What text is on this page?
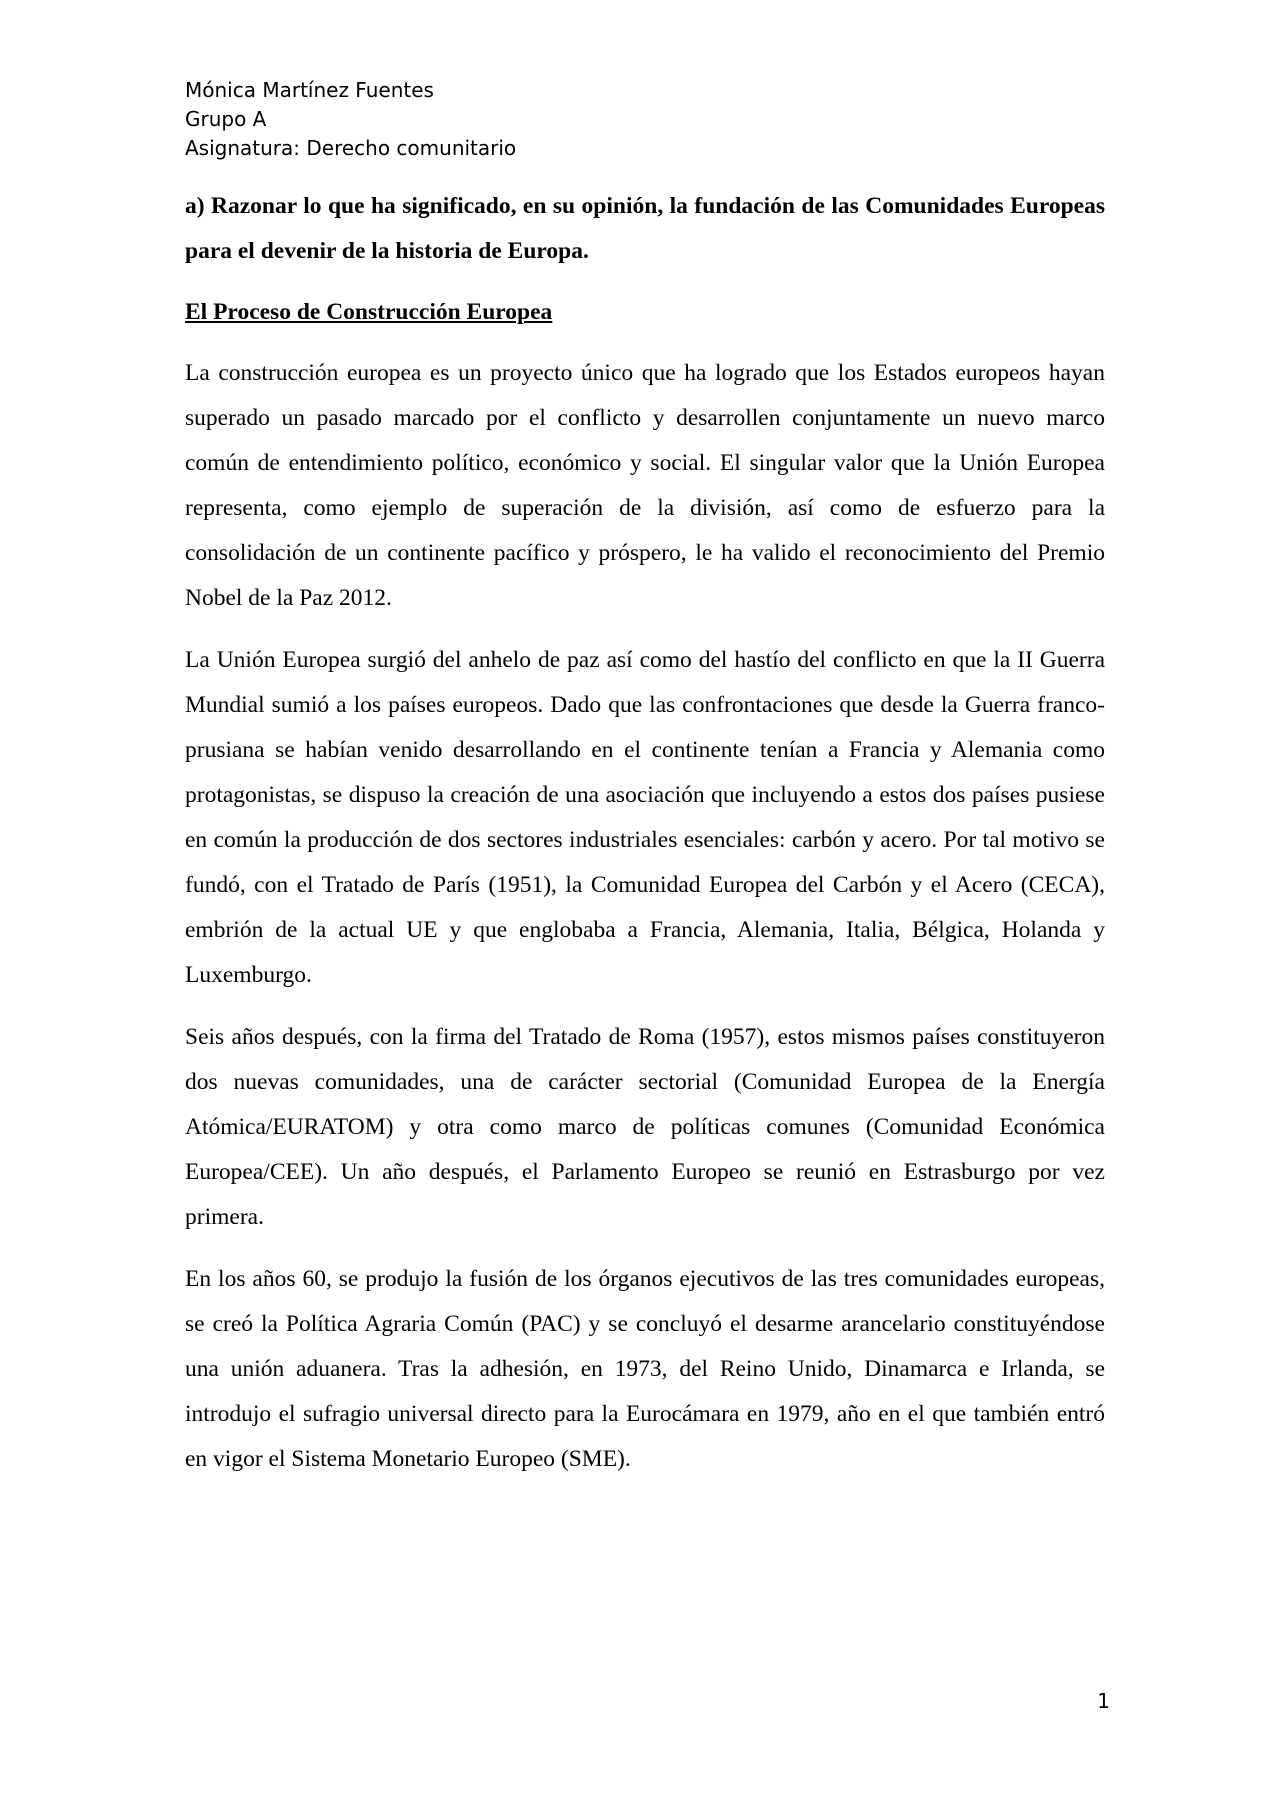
Mónica Martínez Fuentes
Grupo A
Asignatura: Derecho comunitario

a) Razonar lo que ha significado, en su opinión, la fundación de las Comunidades Europeas para el devenir de la historia de Europa.

El Proceso de Construcción Europea

La construcción europea es un proyecto único que ha logrado que los Estados europeos hayan superado un pasado marcado por el conflicto y desarrollen conjuntamente un nuevo marco común de entendimiento político, económico y social. El singular valor que la Unión Europea representa, como ejemplo de superación de la división, así como de esfuerzo para la consolidación de un continente pacífico y próspero, le ha valido el reconocimiento del Premio Nobel de la Paz 2012.

La Unión Europea surgió del anhelo de paz así como del hastío del conflicto en que la II Guerra Mundial sumió a los países europeos. Dado que las confrontaciones que desde la Guerra franco-prusiana se habían venido desarrollando en el continente tenían a Francia y Alemania como protagonistas, se dispuso la creación de una asociación que incluyendo a estos dos países pusiese en común la producción de dos sectores industriales esenciales: carbón y acero. Por tal motivo se fundó, con el Tratado de París (1951), la Comunidad Europea del Carbón y el Acero (CECA), embrión de la actual UE y que englobaba a Francia, Alemania, Italia, Bélgica, Holanda y Luxemburgo.

Seis años después, con la firma del Tratado de Roma (1957), estos mismos países constituyeron dos nuevas comunidades, una de carácter sectorial (Comunidad Europea de la Energía Atómica/EURATOM) y otra como marco de políticas comunes (Comunidad Económica Europea/CEE). Un año después, el Parlamento Europeo se reunió en Estrasburgo por vez primera.

En los años 60, se produjo la fusión de los órganos ejecutivos de las tres comunidades europeas, se creó la Política Agraria Común (PAC) y se concluyó el desarme arancelario constituyéndose una unión aduanera. Tras la adhesión, en 1973, del Reino Unido, Dinamarca e Irlanda, se introdujo el sufragio universal directo para la Eurocámara en 1979, año en el que también entró en vigor el Sistema Monetario Europeo (SME).

1
